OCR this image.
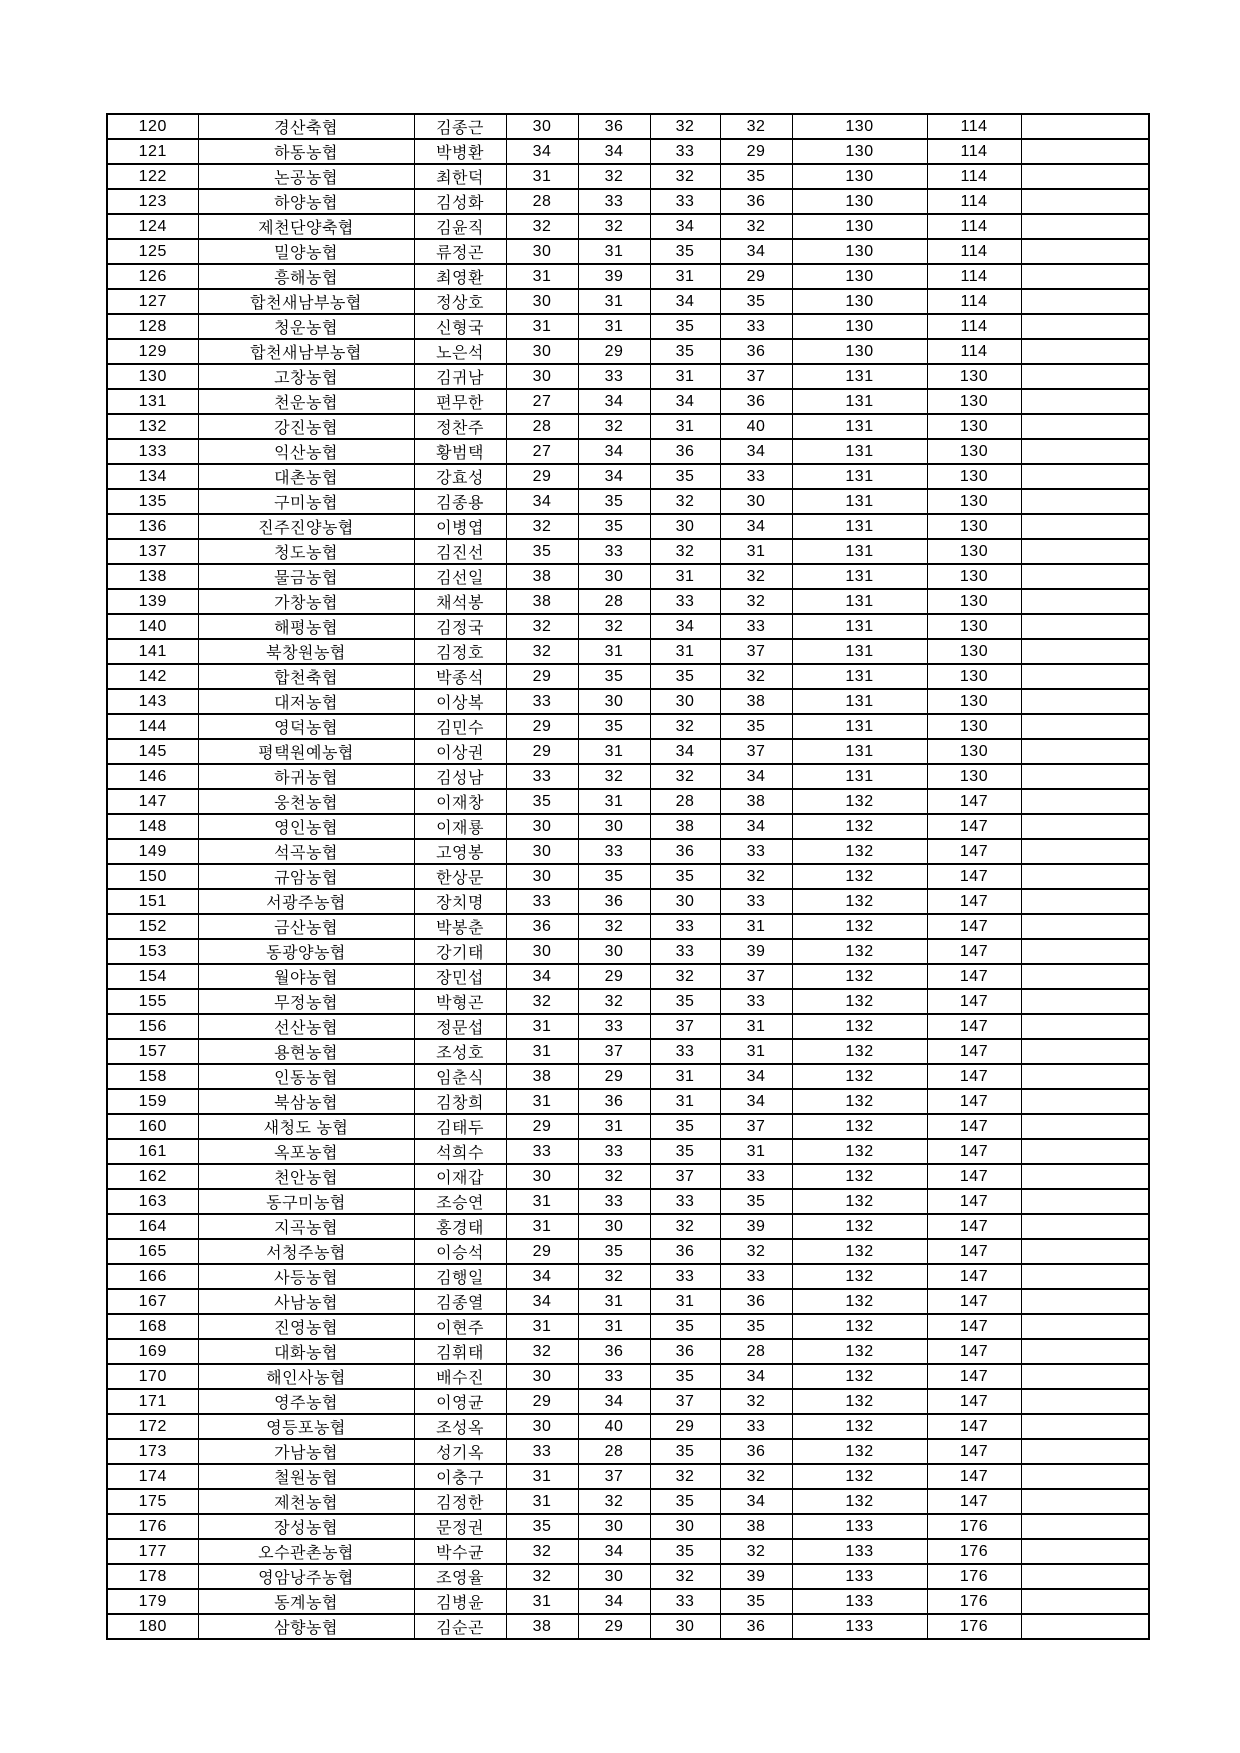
120	경산축협	김종근	30	36	32	32	130	114	
121	하동농협	박병환	34	34	33	29	130	114	
122	논공농협	최한덕	31	32	32	35	130	114	
123	하양농협	김성화	28	33	33	36	130	114	
124	제천단양축협	김윤직	32	32	34	32	130	114	
125	밀양농협	류정곤	30	31	35	34	130	114	
126	흥해농협	최영환	31	39	31	29	130	114	
127	합천새남부농협	정상호	30	31	34	35	130	114	
128	청운농협	신형국	31	31	35	33	130	114	
129	합천새남부농협	노은석	30	29	35	36	130	114	
130	고창농협	김귀남	30	33	31	37	131	130	
131	천운농협	편무한	27	34	34	36	131	130	
132	강진농협	정찬주	28	32	31	40	131	130	
133	익산농협	황범택	27	34	36	34	131	130	
134	대촌농협	강효성	29	34	35	33	131	130	
135	구미농협	김종용	34	35	32	30	131	130	
136	진주진양농협	이병엽	32	35	30	34	131	130	
137	청도농협	김진선	35	33	32	31	131	130	
138	물금농협	김선일	38	30	31	32	131	130	
139	가창농협	채석봉	38	28	33	32	131	130	
140	해평농협	김정국	32	32	34	33	131	130	
141	북창원농협	김정호	32	31	31	37	131	130	
142	합천축협	박종석	29	35	35	32	131	130	
143	대저농협	이상복	33	30	30	38	131	130	
144	영덕농협	김민수	29	35	32	35	131	130	
145	평택원예농협	이상권	29	31	34	37	131	130	
146	하귀농협	김성남	33	32	32	34	131	130	
147	웅천농협	이재창	35	31	28	38	132	147	
148	영인농협	이재룡	30	30	38	34	132	147	
149	석곡농협	고영봉	30	33	36	33	132	147	
150	규암농협	한상문	30	35	35	32	132	147	
151	서광주농협	장치명	33	36	30	33	132	147	
152	금산농협	박봉춘	36	32	33	31	132	147	
153	동광양농협	강기태	30	30	33	39	132	147	
154	월야농협	장민섭	34	29	32	37	132	147	
155	무정농협	박형곤	32	32	35	33	132	147	
156	선산농협	정문섭	31	33	37	31	132	147	
157	용현농협	조성호	31	37	33	31	132	147	
158	인동농협	임춘식	38	29	31	34	132	147	
159	북삼농협	김창희	31	36	31	34	132	147	
160	새청도 농협	김태두	29	31	35	37	132	147	
161	옥포농협	석희수	33	33	35	31	132	147	
162	천안농협	이재갑	30	32	37	33	132	147	
163	동구미농협	조승연	31	33	33	35	132	147	
164	지곡농협	홍경태	31	30	32	39	132	147	
165	서청주농협	이승석	29	35	36	32	132	147	
166	사등농협	김행일	34	32	33	33	132	147	
167	사남농협	김종열	34	31	31	36	132	147	
168	진영농협	이현주	31	31	35	35	132	147	
169	대화농협	김휘태	32	36	36	28	132	147	
170	해인사농협	배수진	30	33	35	34	132	147	
171	영주농협	이영균	29	34	37	32	132	147	
172	영등포농협	조성옥	30	40	29	33	132	147	
173	가남농협	성기옥	33	28	35	36	132	147	
174	철원농협	이충구	31	37	32	32	132	147	
175	제천농협	김정한	31	32	35	34	132	147	
176	장성농협	문정권	35	30	30	38	133	176	
177	오수관촌농협	박수균	32	34	35	32	133	176	
178	영암낭주농협	조영율	32	30	32	39	133	176	
179	동계농협	김병윤	31	34	33	35	133	176	
180	삼향농협	김순곤	38	29	30	36	133	176	
